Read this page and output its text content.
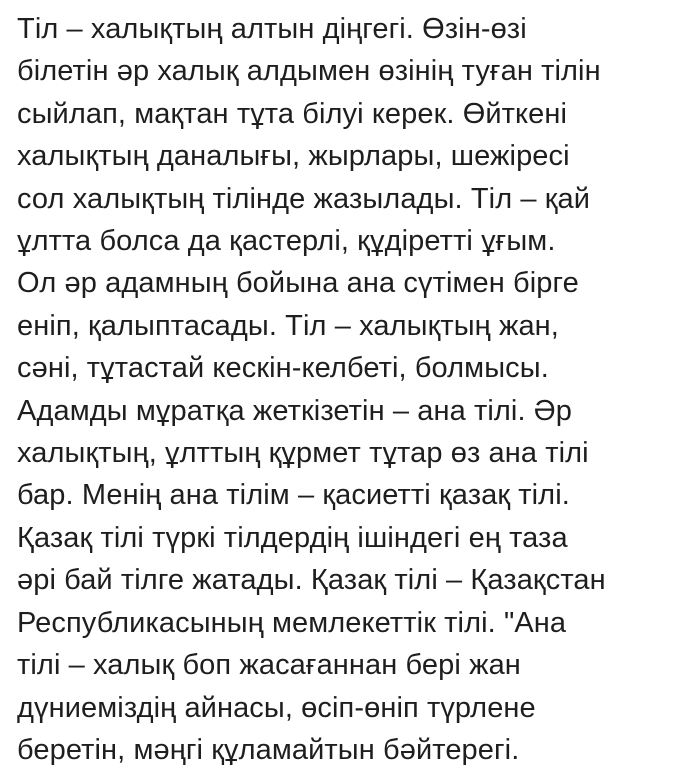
Тіл – халықтың алтын діңгегі. Өзін-өзі
білетін әр халық алдымен өзінің туған тілін
сыйлап, мақтан тұта білуі керек. Өйткені
халықтың даналығы, жырлары, шежіресі
сол халықтың тілінде жазылады. Тіл – қай
ұлтта болса да қастерлі, құдіретті ұғым.
Ол әр адамның бойына ана сүтімен бірге
еніп, қалыптасады. Тіл – халықтың жан,
сәні, тұтастай кескін-келбеті, болмысы.
Адамды мұратқа жеткізетін – ана тілі. Әр
халықтың, ұлттың құрмет тұтар өз ана тілі
бар. Менің ана тілім – қасиетті қазақ тілі.
Қазақ тілі түркі тілдердің ішіндегі ең таза
әрі бай тілге жатады. Қазақ тілі – Қазақстан
Республикасының мемлекеттік тілі. "Ана
тілі – халық боп жасағаннан бері жан
дүниеміздің айнасы, өсіп-өніп түрлене
беретін, мәңгі құламайтын бәйтерегі.
